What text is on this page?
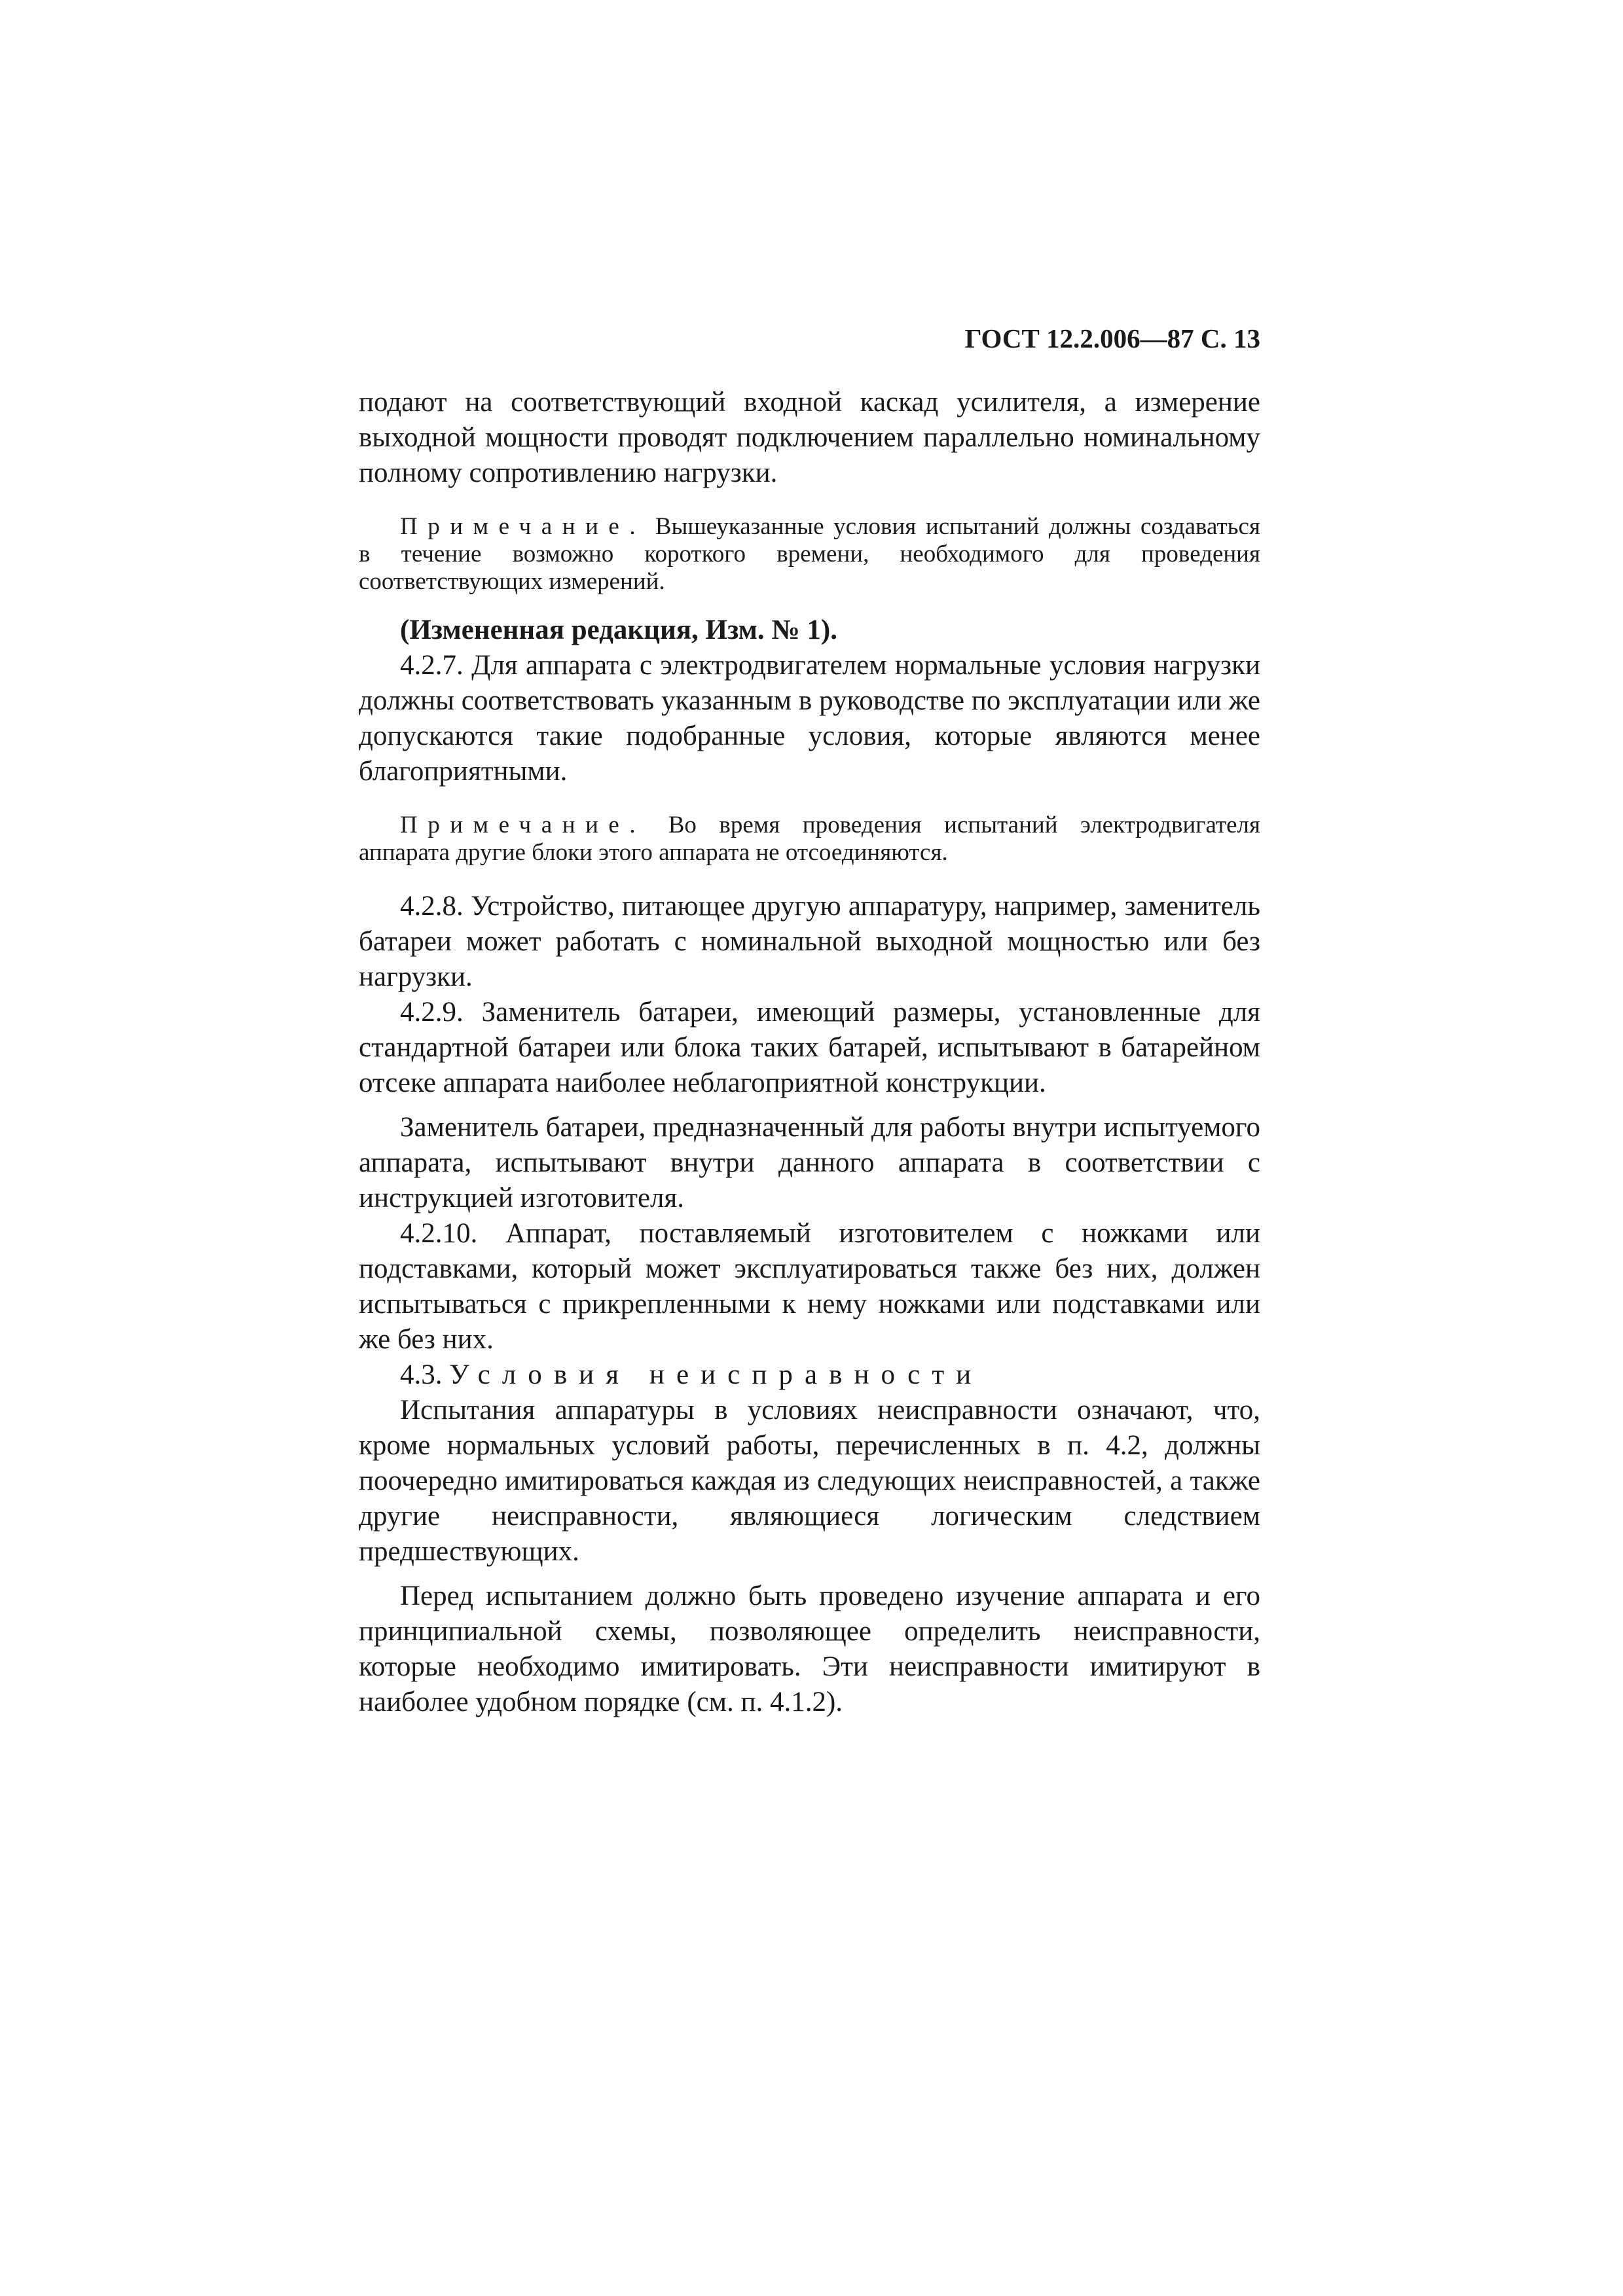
ГОСТ 12.2.006—87 С. 13

подают на соответствующий входной каскад усилителя, а измерение выходной мощности проводят подключением параллельно номинальному полному сопротивлению нагрузки.

Примечание. Вышеуказанные условия испытаний должны создаваться в течение возможно короткого времени, необходимого для проведения соответствующих измерений.

(Измененная редакция, Изм. № 1).

4.2.7. Для аппарата с электродвигателем нормальные условия нагрузки должны соответствовать указанным в руководстве по эксплуатации или же допускаются такие подобранные условия, которые являются менее благоприятными.

Примечание. Во время проведения испытаний электродвигателя аппарата другие блоки этого аппарата не отсоединяются.

4.2.8. Устройство, питающее другую аппаратуру, например, заменитель батареи может работать с номинальной выходной мощностью или без нагрузки.

4.2.9. Заменитель батареи, имеющий размеры, установленные для стандартной батареи или блока таких батарей, испытывают в батарейном отсеке аппарата наиболее неблагоприятной конструкции.

Заменитель батареи, предназначенный для работы внутри испытуемого аппарата, испытывают внутри данного аппарата в соответствии с инструкцией изготовителя.

4.2.10. Аппарат, поставляемый изготовителем с ножками или подставками, который может эксплуатироваться также без них, должен испытываться с прикрепленными к нему ножками или подставками или же без них.

4.3. Условия неисправности

Испытания аппаратуры в условиях неисправности означают, что, кроме нормальных условий работы, перечисленных в п. 4.2, должны поочередно имитироваться каждая из следующих неисправностей, а также другие неисправности, являющиеся логическим следствием предшествующих.

Перед испытанием должно быть проведено изучение аппарата и его принципиальной схемы, позволяющее определить неисправности, которые необходимо имитировать. Эти неисправности имитируют в наиболее удобном порядке (см. п. 4.1.2).
